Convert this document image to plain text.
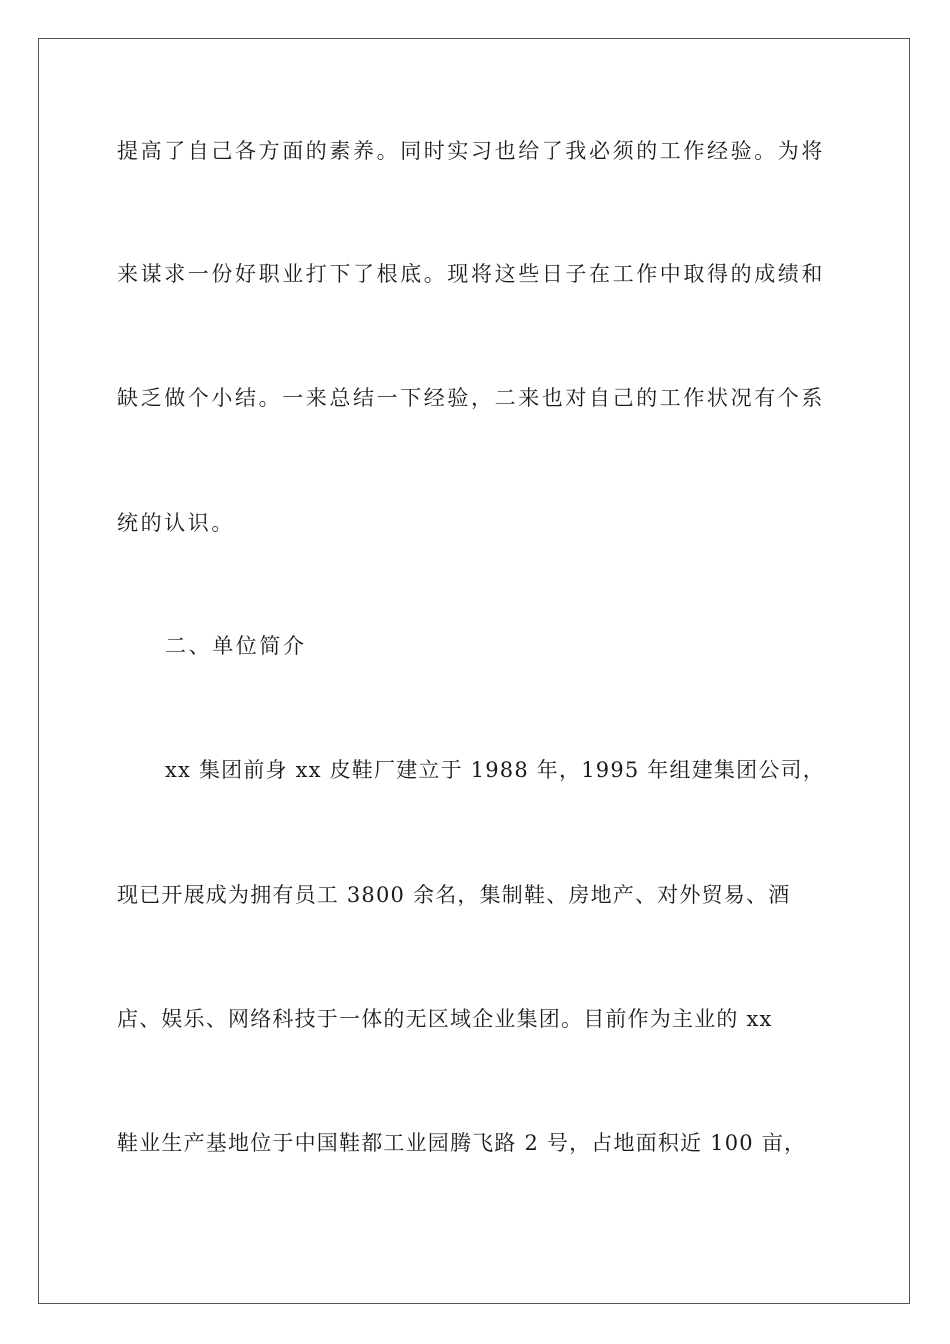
提高了自己各方面的素养。同时实习也给了我必须的工作经验。为将
来谋求一份好职业打下了根底。现将这些日子在工作中取得的成绩和
缺乏做个小结。一来总结一下经验，二来也对自己的工作状况有个系
统的认识。
二、单位简介
xx 集团前身 xx 皮鞋厂建立于 1988 年，1995 年组建集团公司，
现已开展成为拥有员工 3800 余名，集制鞋、房地产、对外贸易、酒
店、娱乐、网络科技于一体的无区域企业集团。目前作为主业的 xx
鞋业生产基地位于中国鞋都工业园腾飞路 2 号，占地面积近 100 亩，
